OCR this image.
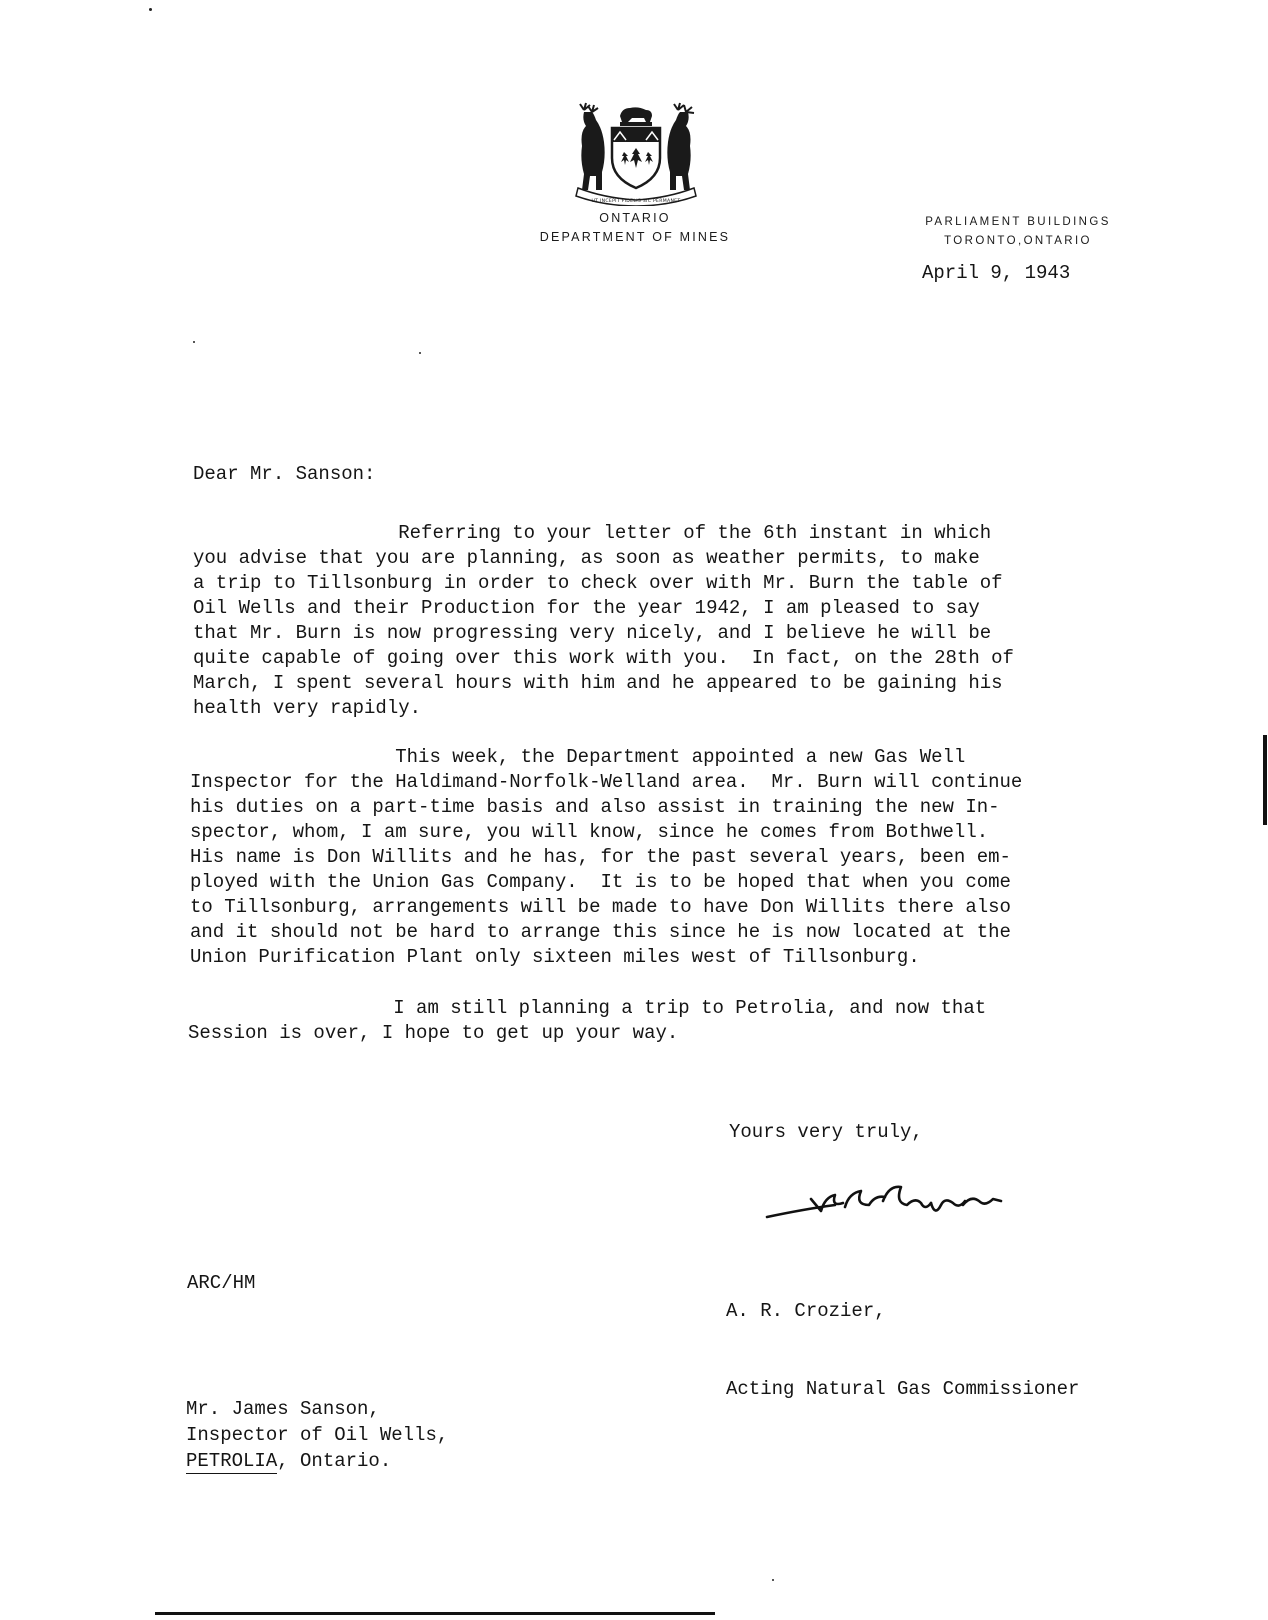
UT INCEPIT FIDELIS SIC PERMANET
ONTARIO
DEPARTMENT OF MINES
PARLIAMENT BUILDINGS
TORONTO,ONTARIO
April 9, 1943
Dear Mr. Sanson:

Referring to your letter of the 6th instant in which
you advise that you are planning, as soon as weather permits, to make
a trip to Tillsonburg in order to check over with Mr. Burn the table of
Oil Wells and their Production for the year 1942, I am pleased to say
that Mr. Burn is now progressing very nicely, and I believe he will be
quite capable of going over this work with you.  In fact, on the 28th of
March, I spent several hours with him and he appeared to be gaining his
health very rapidly.

This week, the Department appointed a new Gas Well
Inspector for the Haldimand-Norfolk-Welland area.  Mr. Burn will continue
his duties on a part-time basis and also assist in training the new In-
spector, whom, I am sure, you will know, since he comes from Bothwell.
His name is Don Willits and he has, for the past several years, been em-
ployed with the Union Gas Company.  It is to be hoped that when you come
to Tillsonburg, arrangements will be made to have Don Willits there also
and it should not be hard to arrange this since he is now located at the
Union Purification Plant only sixteen miles west of Tillsonburg.

I am still planning a trip to Petrolia, and now that
Session is over, I hope to get up your way.

Yours very truly,

A. R. Crozier,

Acting Natural Gas Commissioner

ARC/HM
Mr. James Sanson,
Inspector of Oil Wells,
PETROLIA, Ontario.
